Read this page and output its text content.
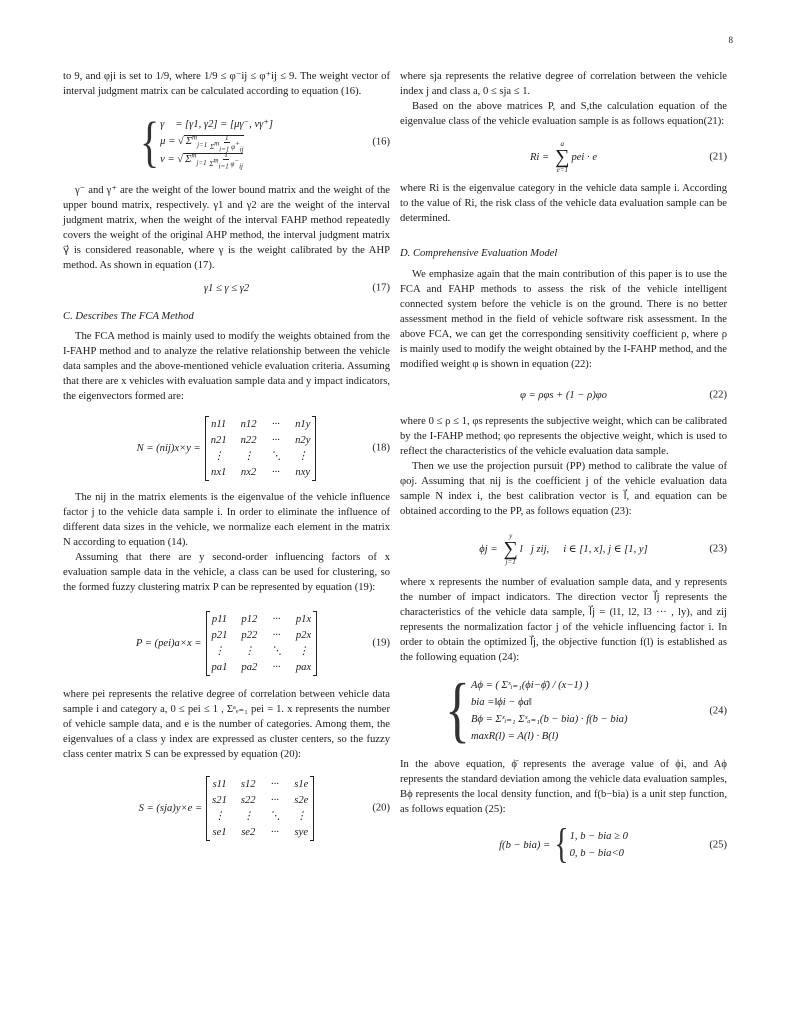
8

to 9, and φji is set to 1/9, where 1/9 ≤ φ⁻ij ≤ φ⁺ij ≤ 9. The weight vector of interval judgment matrix can be calculated according to equation (16).

{ γ⃗ = [γ1, γ2] = [μγ⁻, νγ⁺]
μ = √ $\Sigma^m_{j=1} \frac{1}{\Sigma^m_{i=1} \varphi^+_{ij}}$
ν = √ $\Sigma^m_{j=1} \frac{1}{\Sigma^m_{i=1} \varphi^-_{ij}}$
(16)

γ⁻ and γ⁺ are the weight of the lower bound matrix and the weight of the upper bound matrix, respectively. γ1 and γ2 are the weight of the interval judgment matrix, when the weight of the interval FAHP method repeatedly covers the weight of the original AHP method, the interval judgment matrix γ⃗ is considered reasonable, where γ is the weight calibrated by the AHP method. As shown in equation (17).

γ1 ≤ γ ≤ γ2	(17)

C. Describes The FCA Method

The FCA method is mainly used to modify the weights obtained from the I-FAHP method and to analyze the relative relationship between the vehicle data samples and the above-mentioned vehicle evaluation criteria. Assuming that there are x vehicles with evaluation sample data and y impact indicators, the eigenvectors formed are:

N = (nij)x×y =
n11 n12 ··· n1y
n21 n22 ··· n2y
⋮ ⋮ ⋱ ⋮
nx1 nx2 ··· nxy
(18)

The nij in the matrix elements is the eigenvalue of the vehicle influence factor j to the vehicle data sample i. In order to eliminate the influence of different data sizes in the vehicle, we normalize each element in the matrix N according to equation (14).

Assuming that there are y second-order influencing factors of x evaluation sample data in the vehicle, a class can be used for clustering, so the formed fuzzy clustering matrix P can be represented by equation (19):

P = (pei)a×x =
p11 p12 ··· p1x
p21 p22 ··· p2x
⋮ ⋮ ⋱ ⋮
pa1 pa2 ··· pax
(19)

where pei represents the relative degree of correlation between vehicle data sample i and category a, 0 ≤ pei ≤ 1 , Σᵃₑ₌₁ pei = 1. x represents the number of vehicle sample data, and e is the number of categories. Among them, the eigenvalues of a class y index are expressed as cluster centers, so the fuzzy class center matrix S can be expressed by equation (20):

S = (sja)y×e =
s11 s12 ··· s1e
s21 s22 ··· s2e
⋮ ⋮ ⋱ ⋮
se1 se2 ··· sye
(20)

where sja represents the relative degree of correlation between the vehicle index j and class a, 0 ≤ sja ≤ 1.

Based on the above matrices P, and S,the calculation equation of the eigenvalue class of the vehicle evaluation sample is as follows equation(21):

Ri =
a
∑
e=1
pei · e	(21)

where Ri is the eigenvalue category in the vehicle data sample i. According to the value of Ri, the risk class of the vehicle data evaluation sample can be determined.

D. Comprehensive Evaluation Model

We emphasize again that the main contribution of this paper is to use the FCA and FAHP methods to assess the risk of the vehicle intelligent connected system before the vehicle is on the ground. There is no better assessment method in the field of vehicle software risk assessment. In the above FCA, we can get the corresponding sensitivity coefficient ρ, where ρ is mainly used to modify the weight obtained by the I-FAHP method, and the modified weight φ is shown in equation (22):

φ = ρφs + (1 − ρ)φo	(22)

where 0 ≤ ρ ≤ 1, φs represents the subjective weight, which can be calibrated by the I-FAHP method; φo represents the objective weight, which is used to reflect the characteristics of the vehicle evaluation data sample.

Then we use the projection pursuit (PP) method to calibrate the value of φoj. Assuming that nij is the coefficient j of the vehicle evaluation data sample N index i, the best calibration vector is l⃗, and equation can be obtained according to the PP, as follows equation (23):

ϕj =
y
∑
j=1
l⃗j zij, i ∈ [1, x], j ∈ [1, y]	(23)

where x represents the number of evaluation sample data, and y represents the number of impact indicators. The direction vector l⃗j represents the characteristics of the vehicle data sample, l⃗j = (l1, l2, l3 ··· , ly), and zij represents the normalization factor j of the vehicle influencing factor i. In order to obtain the optimized l⃗j, the objective function f(l) is established as the following equation (24):

{ Aϕ = ( Σˣᵢ₌₁(ϕi−ϕ̄) / (x−1) )
bia =‖ϕi − ϕa‖
Bϕ = Σˣᵢ₌₁ Σˣₐ₌₁(b − bia) · f(b − bia)
maxR(l) = A(l) · B(l)
(24)

In the above equation, ϕ̄ represents the average value of ϕi, and Aϕ represents the standard deviation among the vehicle data evaluation samples, Bϕ represents the local density function, and f(b−bia) is a unit step function, as follows equation (25):

f(b − bia) = { 1, b − bia ≥ 0
0, b − bia<0
(25)
